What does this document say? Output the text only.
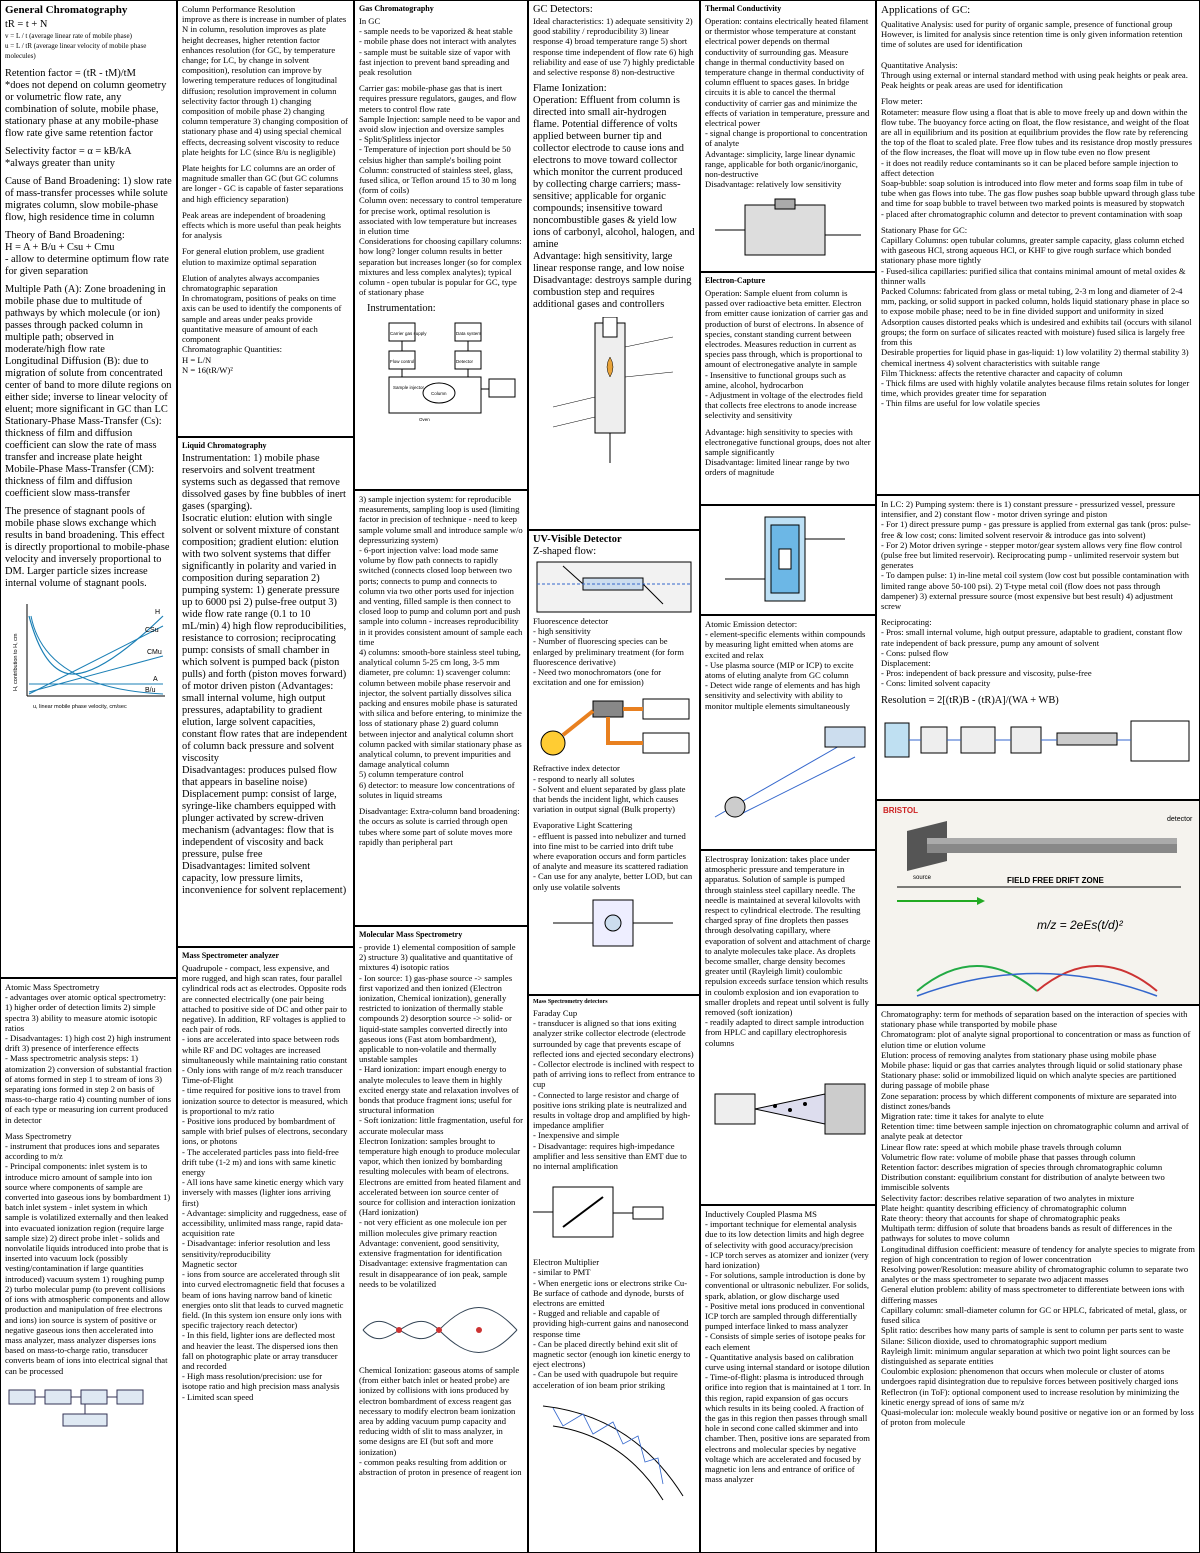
General Chromatography
tR = t + N
v = L / t (average linear rate of mobile phase)
u = L / tR (average linear velocity of mobile phase molecules)
Retention factor = (tR - tM)/tM
*does not depend on column geometry or volumetric flow rate, any combination of solute, mobile phase, stationary phase at any mobile-phase flow rate give same retention factor
Selectivity factor = α = kB/kA
*always greater than unity
Cause of Band Broadening: 1) slow rate of mass-transfer processes while solute migrates column, slow mobile-phase flow, high residence time in column
Theory of Band Broadening:
H = A + B/u + Csu + Cmu
- allow to determine optimum flow rate for given separation
Multiple Path (A): Zone broadening in mobile phase due to multitude of pathways by which molecule (or ion) passes through packed column in multiple path; observed in moderate/high flow rate
Longitudinal Diffusion (B): due to migration of solute from concentrated center of band to more dilute regions on either side; inverse to linear velocity of eluent; more significant in GC than LC
Stationary-Phase Mass-Transfer (Cs): thickness of film and diffusion coefficient can slow the rate of mass transfer and increase plate height
Mobile-Phase Mass-Transfer (CM): thickness of film and diffusion coefficient slow mass-transfer
The presence of stagnant pools of mobile phase slows exchange which results in band broadening. This effect is directly proportional to mobile-phase velocity and inversely proportional to DM. Larger particle sizes increase internal volume of stagnant pools.
H
CSu
A
CMu
B/u
u, linear mobile phase velocity, cm/sec
H, contribution to H, cm
Atomic Mass Spectrometry
- advantages over atomic optical spectrometry: 1) higher order of detection limits 2) simple spectra 3) ability to measure atomic isotopic ratios
- Disadvantages: 1) high cost 2) high instrument drift 3) presence of interference effects
- Mass spectrometric analysis steps: 1) atomization 2) conversion of substantial fraction of atoms formed in step 1 to stream of ions 3) separating ions formed in step 2 on basis of mass-to-charge ratio 4) counting number of ions of each type or measuring ion current produced in detector
Mass Spectrometry
- instrument that produces ions and separates according to m/z
- Principal components: inlet system is to introduce micro amount of sample into ion source where components of sample are converted into gaseous ions by bombardment 1) batch inlet system - inlet system in which sample is volatilized externally and then leaked into evacuated ionization region (require large sample size) 2) direct probe inlet - solids and nonvolatile liquids introduced into probe that is inserted into vacuum lock (possibly vesting/contamination if large quantities introduced) vacuum system 1) roughing pump 2) turbo molecular pump (to prevent collisions of ions with atmospheric components and allow production and manipulation of free electrons and ions) ion source is system of positive or negative gaseous ions then accelerated into mass analyzer, mass analyzer disperses ions based on mass-to-charge ratio, transducer converts beam of ions into electrical signal that can be processed
Column Performance Resolution
improve as there is increase in number of plates N in column, resolution improves as plate height decreases, higher retention factor enhances resolution (for GC, by temperature change; for LC, by change in solvent composition), resolution can improve by lowering temperature reduces of longitudinal diffusion; resolution improvement in column selectivity factor through 1) changing composition of mobile phase 2) changing column temperature 3) changing composition of stationary phase and 4) using special chemical effects, decreasing solvent viscosity to reduce plate heights for LC (since B/u is negligible)
Plate heights for LC columns are an order of magnitude smaller than GC (but GC columns are longer - GC is capable of faster separations and high efficiency separation)
Peak areas are independent of broadening effects which is more useful than peak heights for analysis
For general elution problem, use gradient elution to maximize optimal separation
Elution of analytes always accompanies chromatographic separation
In chromatogram, positions of peaks on time axis can be used to identify the components of sample and areas under peaks provide quantitative measure of amount of each component
Chromatographic Quantities:
H = L/N
N = 16(tR/W)²
Liquid Chromatography
Instrumentation: 1) mobile phase reservoirs and solvent treatment systems such as degassed that remove dissolved gases by fine bubbles of inert gases (sparging).
Isocratic elution: elution with single solvent or solvent mixture of constant composition; gradient elution: elution with two solvent systems that differ significantly in polarity and varied in composition during separation 2) pumping system: 1) generate pressure up to 6000 psi 2) pulse-free output 3) wide flow rate range (0.1 to 10 mL/min) 4) high flow reproducibilities, resistance to corrosion; reciprocating pump: consists of small chamber in which solvent is pumped back (piston pulls) and forth (piston moves forward) of motor driven piston (Advantages: small internal volume, high output pressures, adaptability to gradient elution, large solvent capacities, constant flow rates that are independent of column back pressure and solvent viscosity
Disadvantages: produces pulsed flow that appears in baseline noise)
Displacement pump: consist of large, syringe-like chambers equipped with plunger activated by screw-driven mechanism (advantages: flow that is independent of viscosity and back pressure, pulse free
Disadvantages: limited solvent capacity, low pressure limits, inconvenience for solvent replacement)
Mass Spectrometer analyzer
Quadrupole - compact, less expensive, and more rugged, and high scan rates, four parallel cylindrical rods act as electrodes. Opposite rods are connected electrically (one pair being attached to positive side of DC and other pair to negative). In addition, RF voltages is applied to each pair of rods.
- ions are accelerated into space between rods while RF and DC voltages are increased simultaneously while maintaining ratio constant
- Only ions with range of m/z reach transducer
Time-of-Flight
- time required for positive ions to travel from ionization source to detector is measured, which is proportional to m/z ratio
- Positive ions produced by bombardment of sample with brief pulses of electrons, secondary ions, or photons
- The accelerated particles pass into field-free drift tube (1-2 m) and ions with same kinetic energy
- All ions have same kinetic energy which vary inversely with masses (lighter ions arriving first)
- Advantage: simplicity and ruggedness, ease of accessibility, unlimited mass range, rapid data-acquisition rate
- Disadvantage: inferior resolution and less sensitivity/reproducibility
Magnetic sector
- ions from source are accelerated through slit into curved electromagnetic field that focuses a beam of ions having narrow band of kinetic energies onto slit that leads to curved magnetic field. (In this system ion ensure only ions with specific trajectory reach detector)
- In this field, lighter ions are deflected most and heavier the least. The dispersed ions then fall on photographic plate or array transducer and recorded
- High mass resolution/precision: use for isotope ratio and high precision mass analysis
- Limited scan speed
Gas Chromatography
In GC
- sample needs to be vaporized & heat stable
- mobile phase does not interact with analytes
- sample must be suitable size of vapor with fast injection to prevent band spreading and peak resolution
Carrier gas: mobile-phase gas that is inert requires pressure regulators, gauges, and flow meters to control flow rate
Sample Injection: sample need to be vapor and avoid slow injection and oversize samples
- Split/Splitless injector
- Temperature of injection port should be 50 celsius higher than sample's boiling point
Column: constructed of stainless steel, glass, fused silica, or Teflon around 15 to 30 m long (form of coils)
Column oven: necessary to control temperature for precise work, optimal resolution is associated with low temperature but increases in elution time
Considerations for choosing capillary columns: how long? longer column results in better separation but increases longer (so for complex mixtures and less complex analytes); typical column - open tubular is popular for GC, type of stationary phase
Instrumentation:
Carrier gas supply
Flow control
Data system
Detector
Sample injector
Column
Oven
3) sample injection system: for reproducible measurements, sampling loop is used (limiting factor in precision of technique - need to keep sample volume small and introduce sample w/o depressurizing system)
- 6-port injection valve: load mode same volume by flow path connects to rapidly switched (connects closed loop between two ports; connects to pump and connects to column via two other ports used for injection and venting, filled sample is then connect to closed loop to pump and column port and push sample into column - increases reproducibility in it provides consistent amount of sample each time
4) columns: smooth-bore stainless steel tubing, analytical column 5-25 cm long, 3-5 mm diameter, pre column: 1) scavenger column: column between mobile phase reservoir and injector, the solvent partially dissolves silica packing and ensures mobile phase is saturated with silica and before entering, to minimize the loss of stationary phase 2) guard column between injector and analytical column short column packed with similar stationary phase as analytical column, to prevent impurities and damage analytical column
5) column temperature control
6) detector: to measure low concentrations of solutes in liquid streams
Disadvantage: Extra-column band broadening: the occurs as solute is carried through open tubes where some part of solute moves more rapidly than peripheral part
Molecular Mass Spectrometry
- provide 1) elemental composition of sample 2) structure 3) qualitative and quantitative of mixtures 4) isotopic ratios
- Ion source: 1) gas-phase source -> samples first vaporized and then ionized (Electron ionization, Chemical ionization), generally restricted to ionization of thermally stable compounds 2) desorption source -> solid- or liquid-state samples converted directly into gaseous ions (Fast atom bombardment), applicable to non-volatile and thermally unstable samples
- Hard ionization: impart enough energy to analyte molecules to leave them in highly excited energy state and relaxation involves of bonds that produce fragment ions; useful for structural information
- Soft ionization: little fragmentation, useful for accurate molecular mass
Electron Ionization: samples brought to temperature high enough to produce molecular vapor, which then ionized by bombarding resulting molecules with beam of electrons. Electrons are emitted from heated filament and accelerated between ion source center of source for collision and interaction ionization (Hard ionization)
- not very efficient as one molecule ion per million molecules give primary reaction
Advantage: convenient, good sensitivity, extensive fragmentation for identification
Disadvantage: extensive fragmentation can result in disappearance of ion peak, sample needs to be volatilized
Chemical Ionization: gaseous atoms of sample (from either batch inlet or heated probe) are ionized by collisions with ions produced by electron bombardment of excess reagent gas necessary to modify electron beam ionization area by adding vacuum pump capacity and reducing width of slit to mass analyzer, in some designs are EI (but soft and more ionization)
- common peaks resulting from addition or abstraction of proton in presence of reagent ion
GC Detectors:
Ideal characteristics: 1) adequate sensitivity 2) good stability / reproducibility 3) linear response 4) broad temperature range 5) short response time independent of flow rate 6) high reliability and ease of use 7) highly predictable and selective response 8) non-destructive
Flame Ionization:
Operation: Effluent from column is directed into small air-hydrogen flame. Potential difference of volts applied between burner tip and collector electrode to cause ions and electrons to move toward collector which monitor the current produced by collecting charge carriers; mass-sensitive; applicable for organic compounds; insensitive toward noncombustible gases & yield low ions of carbonyl, alcohol, halogen, and amine
Advantage: high sensitivity, large linear response range, and low noise
Disadvantage: destroys sample during combustion step and requires additional gases and controllers
UV-Visible Detector
Z-shaped flow:
Fluorescence detector
- high sensitivity
- Number of fluorescing species can be enlarged by preliminary treatment (for form fluorescence derivative)
- Need two monochromators (one for excitation and one for emission)
Refractive index detector
- respond to nearly all solutes
- Solvent and eluent separated by glass plate that bends the incident light, which causes variation in output signal (Bulk property)
Evaporative Light Scattering
- effluent is passed into nebulizer and turned into fine mist to be carried into drift tube where evaporation occurs and form particles of analyte and measure its scattered radiation
- Can use for any analyte, better LOD, but can only use volatile solvents
Mass Spectrometry detectors
Faraday Cup
- transducer is aligned so that ions exiting analyzer strike collector electrode (electrode surrounded by cage that prevents escape of reflected ions and ejected secondary electrons)
- Collector electrode is inclined with respect to path of arriving ions to reflect from entrance to cup
- Connected to large resistor and charge of positive ions striking plate is neutralized and results in voltage drop and amplified by high-impedance amplifier
- Inexpensive and simple
- Disadvantage: requires high-impedance amplifier and less sensitive than EMT due to no internal amplification
Electron Multiplier
- similar to PMT
- When energetic ions or electrons strike Cu-Be surface of cathode and dynode, bursts of electrons are emitted
- Rugged and reliable and capable of providing high-current gains and nanosecond response time
- Can be placed directly behind exit slit of magnetic sector (enough ion kinetic energy to eject electrons)
- Can be used with quadrupole but require acceleration of ion beam prior striking
Thermal Conductivity
Operation: contains electrically heated filament or thermistor whose temperature at constant electrical power depends on thermal conductivity of surrounding gas. Measure change in thermal conductivity based on temperature change in thermal conductivity of column effluent to spaces gases. In bridge circuits it is able to cancel the thermal conductivity of carrier gas and minimize the effects of variation in temperature, pressure and electrical power
- signal change is proportional to concentration of analyte
Advantage: simplicity, large linear dynamic range, applicable for both organic/inorganic, non-destructive
Disadvantage: relatively low sensitivity
Electron-Capture
Operation: Sample eluent from column is passed over radioactive beta emitter. Electron from emitter cause ionization of carrier gas and production of burst of electrons. In absence of species, constant standing current between electrodes. Measures reduction in current as species pass through, which is proportional to amount of electronegative analyte in sample
- Insensitive to functional groups such as amine, alcohol, hydrocarbon
- Adjustment in voltage of the electrodes field that collects free electrons to anode increase selectivity and sensitivity
Advantage: high sensitivity to species with electronegative functional groups, does not alter sample significantly
Disadvantage: limited linear range by two orders of magnitude
Atomic Emission detector:
- element-specific elements within compounds by measuring light emitted when atoms are excited and relax
- Use plasma source (MIP or ICP) to excite atoms of eluting analyte from GC column
- Detect wide range of elements and has high sensitivity and selectivity with ability to monitor multiple elements simultaneously
Electrospray Ionization: takes place under atmospheric pressure and temperature in apparatus. Solution of sample is pumped through stainless steel capillary needle. The needle is maintained at several kilovolts with respect to cylindrical electrode. The resulting charged spray of fine droplets then passes through desolvating capillary, where evaporation of solvent and attachment of charge to analyte molecules take place. As droplets become smaller, charge density becomes greater until (Rayleigh limit) coulombic repulsion exceeds surface tension which results in coulomb explosion and ion evaporation to smaller droplets and repeat until solvent is fully removed (soft ionization)
- readily adapted to direct sample introduction from HPLC and capillary electrophoresis columns
Inductively Coupled Plasma MS
- important technique for elemental analysis due to its low detection limits and high degree of selectivity with good accuracy/precision
- ICP torch serves as atomizer and ionizer (very hard ionization)
- For solutions, sample introduction is done by conventional or ultrasonic nebulizer. For solids, spark, ablation, or glow discharge used
- Positive metal ions produced in conventional ICP torch are sampled through differentially pumped interface linked to mass analyzer
- Consists of simple series of isotope peaks for each element
- Quantitative analysis based on calibration curve using internal standard or isotope dilution
- Time-of-flight: plasma is introduced through orifice into region that is maintained at 1 torr. In this region, rapid expansion of gas occurs which results in its being cooled. A fraction of the gas in this region then passes through small hole in second cone called skimmer and into chamber. Then, positive ions are separated from electrons and molecular species by negative voltage which are accelerated and focused by magnetic ion lens and entrance of orifice of mass analyzer
Applications of GC:
Qualitative Analysis: used for purity of organic sample, presence of functional group
However, is limited for analysis since retention time is only given information retention time of solutes are used for identification

Quantitative Analysis:
Through using external or internal standard method with using peak heights or peak area. Peak heights or peak areas are used for identification
Flow meter:
Rotameter: measure flow using a float that is able to move freely up and down within the flow tube. The buoyancy force acting on float, the flow resistance, and weight of the float are all in equilibrium and its position at equilibrium provides the flow rate by referencing the top of the float to scaled plate. Free flow tubes and its resistance drop mostly pressures of the flow increases, the float will move up in flow tube even no flow present
- it does not readily reduce contaminants so it can be placed before sample injection to affect detection
Soap-bubble: soap solution is introduced into flow meter and forms soap film in tube of tube when gas flows into tube. The gas flow pushes soap bubble upward through glass tube and time for soap bubble to travel between two marked points is measured by stopwatch
- placed after chromatographic column and detector to prevent contamination with soap
Stationary Phase for GC:
Capillary Columns: open tubular columns, greater sample capacity, glass column etched with gaseous HCl, strong aqueous HCl, or KHF to give rough surface which bonded stationary phase more tightly
- Fused-silica capillaries: purified silica that contains minimal amount of metal oxides & thinner walls
Packed Columns: fabricated from glass or metal tubing, 2-3 m long and diameter of 2-4 mm, packing, or solid support in packed column, holds liquid stationary phase in place so to expose mobile phase; need to be in fine divided support and uniformity in sized
Adsorption causes distorted peaks which is undesired and exhibits tail (occurs with silanol groups; the form on surface of silicates reacted with moisture) fused silica is largely free from this
Desirable properties for liquid phase in gas-liquid: 1) low volatility 2) thermal stability 3) chemical inertness 4) solvent characteristics with suitable range
Film Thickness: affects the retentive character and capacity of column
- Thick films are used with highly volatile analytes because films retain solutes for longer time, which provides greater time for separation
- Thin films are useful for low volatile species
In LC: 2) Pumping system: there is 1) constant pressure - pressurized vessel, pressure intensifier, and 2) constant flow - motor driven syringe and piston
- For 1) direct pressure pump - gas pressure is applied from external gas tank (pros: pulse-free & low cost; cons: limited solvent reservoir & introduce gas into solvent)
- For 2) Motor driven syringe - stepper motor/gear system allows very fine flow control (pulse free but limited reservoir). Reciprocating pump - unlimited reservoir system but generates
- To dampen pulse: 1) in-line metal coil system (low cost but possible contamination with limited range above 50-100 psi). 2) T-type metal coil (flow does not pass through dampener) 3) external pressure source (most expensive but best result) 4) adjustment screw
Reciprocating:
- Pros: small internal volume, high output pressure, adaptable to gradient, constant flow rate independent of back pressure, pump any amount of solvent
- Cons: pulsed flow
Displacement:
- Pros: independent of back pressure and viscosity, pulse-free
- Cons: limited solvent capacity
Resolution = 2[(tR)B - (tR)A]/(WA + WB)
BRISTOL
FIELD FREE DRIFT ZONE
detector
source
m/z = 2eEs(t/d)²
Chromatography: term for methods of separation based on the interaction of species with stationary phase while transported by mobile phase
Chromatogram: plot of analyte signal proportional to concentration or mass as function of elution time or elution volume
Elution: process of removing analytes from stationary phase using mobile phase
Mobile phase: liquid or gas that carries analytes through liquid or solid stationary phase
Stationary phase: solid or immobilized liquid on which analyte species are partitioned during passage of mobile phase
Zone separation: process by which different components of mixture are separated into distinct zones/bands
Migration rate: time it takes for analyte to elute
Retention time: time between sample injection on chromatographic column and arrival of analyte peak at detector
Linear flow rate: speed at which mobile phase travels through column
Volumetric flow rate: volume of mobile phase that passes through column
Retention factor: describes migration of species through chromatographic column
Distribution constant: equilibrium constant for distribution of analyte between two immiscible solvents
Selectivity factor: describes relative separation of two analytes in mixture
Plate height: quantity describing efficiency of chromatographic column
Rate theory: theory that accounts for shape of chromatographic peaks
Multipath term: diffusion of solute that broadens bands as result of differences in the pathways for solutes to move column
Longitudinal diffusion coefficient: measure of tendency for analyte species to migrate from region of high concentration to region of lower concentration
Resolving power/Resolution: measure ability of chromatographic column to separate two analytes or the mass spectrometer to separate two adjacent masses
General elution problem: ability of mass spectrometer to differentiate between ions with differing masses
Capillary column: small-diameter column for GC or HPLC, fabricated of metal, glass, or fused silica
Split ratio: describes how many parts of sample is sent to column per parts sent to waste
Silane: Silicon dioxide, used to chromatographic support medium
Rayleigh limit: minimum angular separation at which two point light sources can be distinguished as separate entities
Coulombic explosion: phenomenon that occurs when molecule or cluster of atoms undergoes rapid disintegration due to repulsive forces between positively charged ions
Reflectron (in ToF): optional component used to increase resolution by minimizing the kinetic energy spread of ions of same m/z
Quasi-molecular ion: molecule weakly bound positive or negative ion or an formed by loss of proton from molecule
